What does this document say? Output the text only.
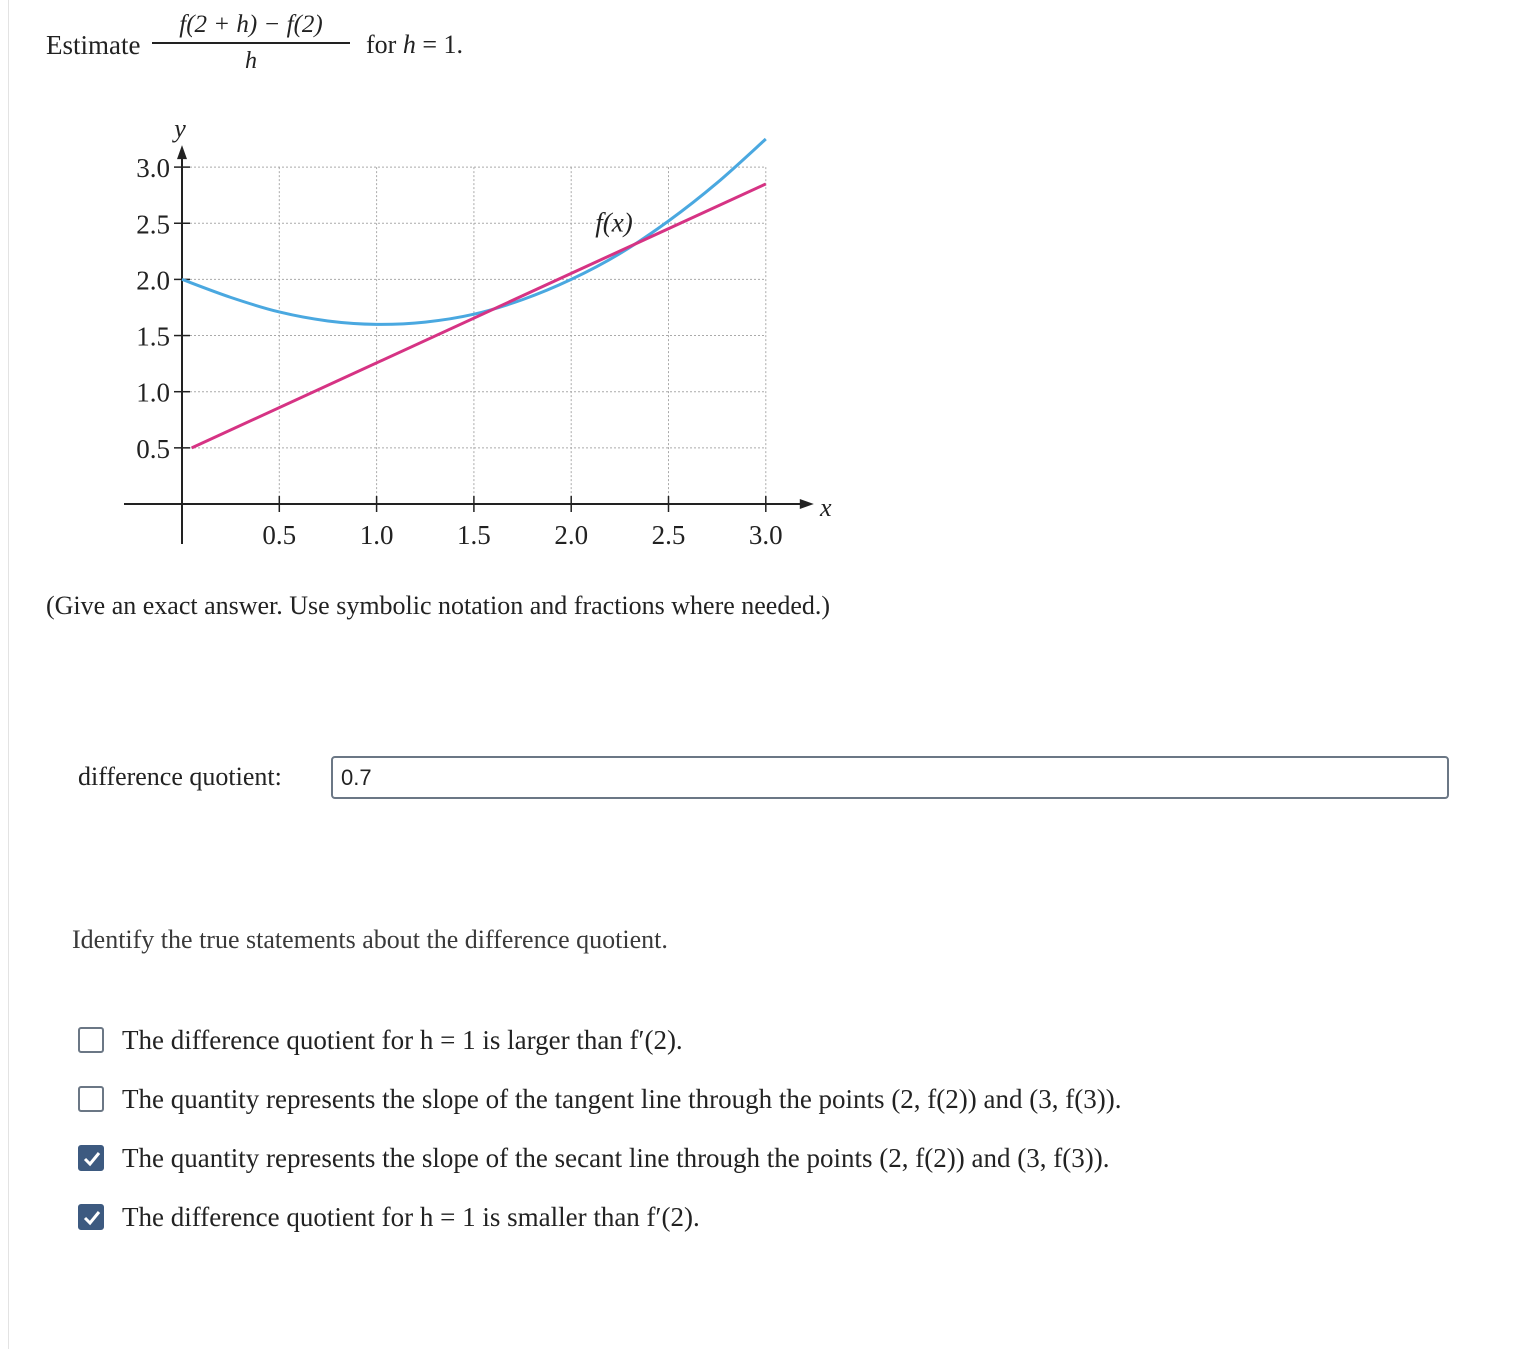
Estimate
f(2 + h) − f(2)
h
for h = 1.
0.5 1.0 1.5 2.0 2.5 3.0
3.0
2.5
2.0
1.5
1.0
0.5
y
x
f(x)
(Give an exact answer. Use symbolic notation and fractions where needed.)
difference quotient:
0.7
Identify the true statements about the difference quotient.
The difference quotient for h = 1 is larger than f′(2).
The quantity represents the slope of the tangent line through the points (2, f(2)) and (3, f(3)).
The quantity represents the slope of the secant line through the points (2, f(2)) and (3, f(3)).
The difference quotient for h = 1 is smaller than f′(2).
